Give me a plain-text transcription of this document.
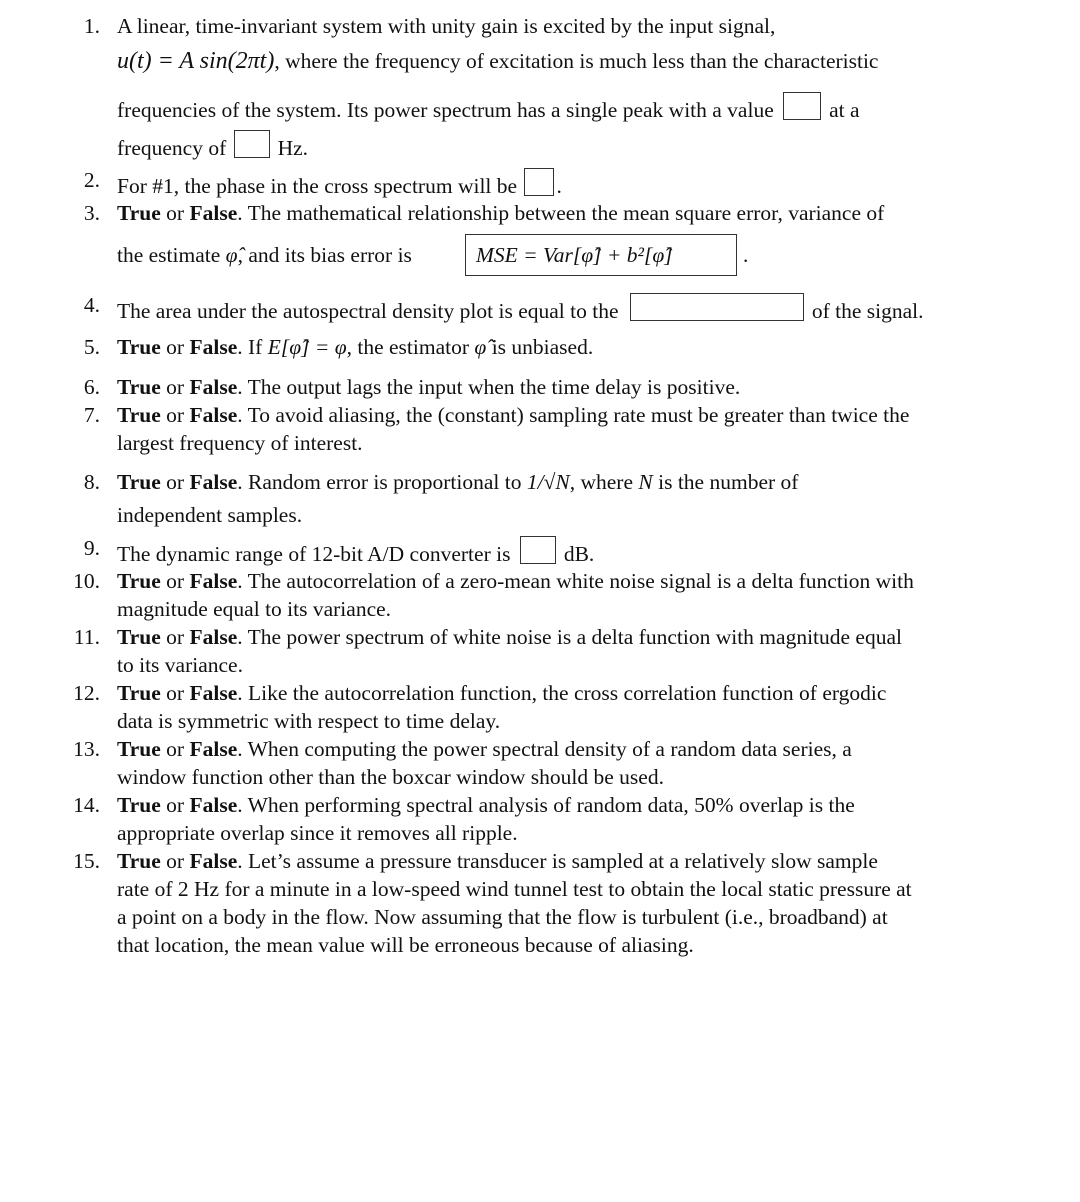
1. A linear, time-invariant system with unity gain is excited by the input signal,
u(t) = A sin(2πt), where the frequency of excitation is much less than the characteristic
frequencies of the system. Its power spectrum has a single peak with a value	at a
frequency of Hz.
2. For #1, the phase in the cross spectrum will be .
3. True or False. The mathematical relationship between the mean square error, variance of
the estimate φ̂, and its bias error is	MSE = Var[φ̂] + b²[φ̂]	.
4. The area under the autospectral density plot is equal to the	of the signal.
5. True or False. If E[φ̂] = φ, the estimator φ̂ is unbiased.
6. True or False. The output lags the input when the time delay is positive.
7. True or False. To avoid aliasing, the (constant) sampling rate must be greater than twice the
largest frequency of interest.
8. True or False. Random error is proportional to 1/√N, where N is the number of
independent samples.
9. The dynamic range of 12-bit A/D converter is dB.
10. True or False. The autocorrelation of a zero-mean white noise signal is a delta function with
magnitude equal to its variance.
11. True or False. The power spectrum of white noise is a delta function with magnitude equal
to its variance.
12. True or False. Like the autocorrelation function, the cross correlation function of ergodic
data is symmetric with respect to time delay.
13. True or False. When computing the power spectral density of a random data series, a
window function other than the boxcar window should be used.
14. True or False. When performing spectral analysis of random data, 50% overlap is the
appropriate overlap since it removes all ripple.
15. True or False. Let’s assume a pressure transducer is sampled at a relatively slow sample
rate of 2 Hz for a minute in a low-speed wind tunnel test to obtain the local static pressure at
a point on a body in the flow. Now assuming that the flow is turbulent (i.e., broadband) at
that location, the mean value will be erroneous because of aliasing.
